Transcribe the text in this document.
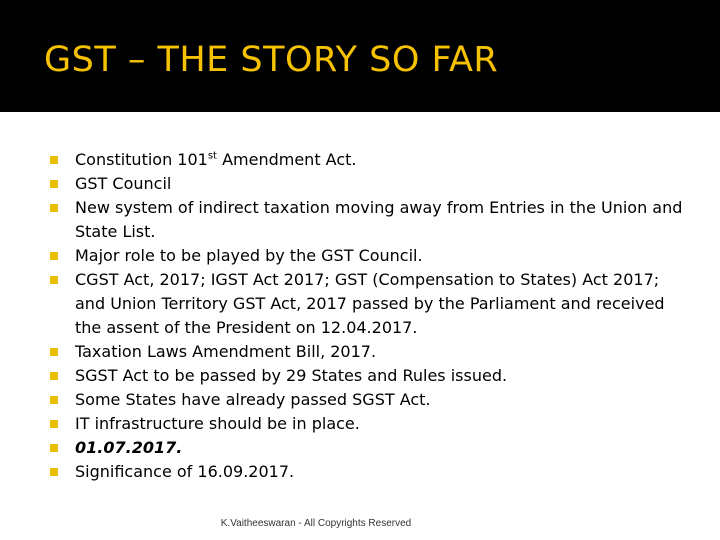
GST – THE STORY SO FAR
Constitution 101st Amendment Act.
GST Council
New system of indirect taxation moving away from Entries in the Union and State List.
Major role to be played by the GST Council.
CGST Act, 2017; IGST Act 2017; GST (Compensation to States) Act 2017; and Union Territory GST Act, 2017 passed by the Parliament and received the assent of the President on 12.04.2017.
Taxation Laws Amendment Bill, 2017.
SGST Act to be passed by 29 States and Rules issued.
Some States have already passed SGST Act.
IT infrastructure should be in place.
01.07.2017.
Significance of 16.09.2017.
K.Vaitheeswaran - All Copyrights Reserved
